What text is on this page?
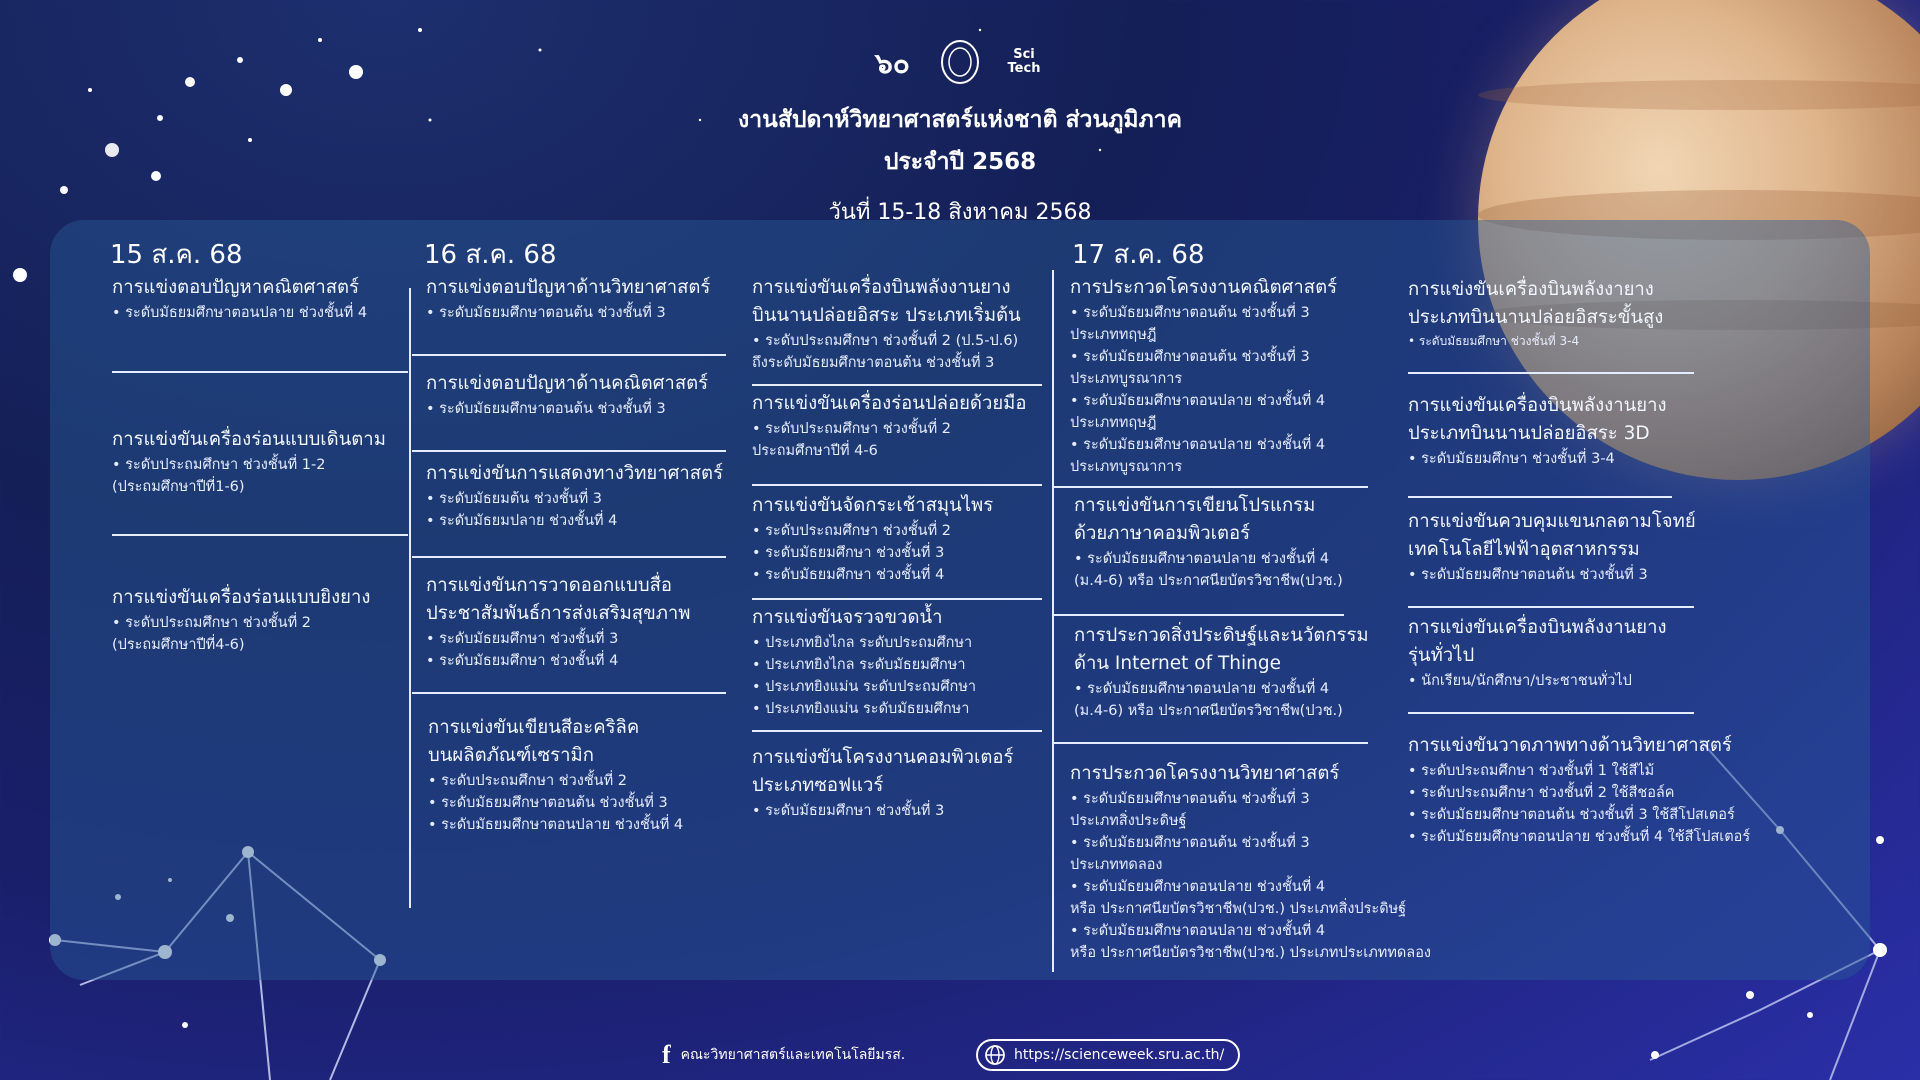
๖๐	Sci
Tech
งานสัปดาห์วิทยาศาสตร์แห่งชาติ ส่วนภูมิภาค
ประจำปี 2568
วันที่ 15-18 สิงหาคม 2568
15 ส.ค. 68
การแข่งตอบปัญหาคณิตศาสตร์
• ระดับมัธยมศึกษาตอนปลาย ช่วงชั้นที่ 4
การแข่งขันเครื่องร่อนแบบเดินตาม
• ระดับประถมศึกษา ช่วงชั้นที่ 1-2
(ประถมศึกษาปีที่1-6)
การแข่งขันเครื่องร่อนแบบยิงยาง
• ระดับประถมศึกษา ช่วงชั้นที่ 2
(ประถมศึกษาปีที่4-6)
16 ส.ค. 68
การแข่งตอบปัญหาด้านวิทยาศาสตร์
• ระดับมัธยมศึกษาตอนต้น ช่วงชั้นที่ 3
การแข่งตอบปัญหาด้านคณิตศาสตร์
• ระดับมัธยมศึกษาตอนต้น ช่วงชั้นที่ 3
การแข่งขันการแสดงทางวิทยาศาสตร์
• ระดับมัธยมต้น ช่วงชั้นที่ 3
• ระดับมัธยมปลาย ช่วงชั้นที่ 4
การแข่งขันการวาดออกแบบสื่อ
ประชาสัมพันธ์การส่งเสริมสุขภาพ
• ระดับมัธยมศึกษา ช่วงชั้นที่ 3
• ระดับมัธยมศึกษา ช่วงชั้นที่ 4
การแข่งขันเขียนสีอะคริลิค
บนผลิตภัณฑ์เซรามิก
• ระดับประถมศึกษา ช่วงชั้นที่ 2
• ระดับมัธยมศึกษาตอนต้น ช่วงชั้นที่ 3
• ระดับมัธยมศึกษาตอนปลาย ช่วงชั้นที่ 4
การแข่งขันเครื่องบินพลังงานยาง
บินนานปล่อยอิสระ ประเภทเริ่มต้น
• ระดับประถมศึกษา ช่วงชั้นที่ 2 (ป.5-ป.6)
ถึงระดับมัธยมศึกษาตอนต้น ช่วงชั้นที่ 3
การแข่งขันเครื่องร่อนปล่อยด้วยมือ
• ระดับประถมศึกษา ช่วงชั้นที่ 2
ประถมศึกษาปีที่ 4-6
การแข่งขันจัดกระเช้าสมุนไพร
• ระดับประถมศึกษา ช่วงชั้นที่ 2
• ระดับมัธยมศึกษา ช่วงชั้นที่ 3
• ระดับมัธยมศึกษา ช่วงชั้นที่ 4
การแข่งขันจรวจขวดน้ำ
• ประเภทยิงไกล ระดับประถมศึกษา
• ประเภทยิงไกล ระดับมัธยมศึกษา
• ประเภทยิงแม่น ระดับประถมศึกษา
• ประเภทยิงแม่น ระดับมัธยมศึกษา
การแข่งขันโครงงานคอมพิวเตอร์
ประเภทซอฟแวร์
• ระดับมัธยมศึกษา ช่วงชั้นที่ 3
17 ส.ค. 68
การประกวดโครงงานคณิตศาสตร์
• ระดับมัธยมศึกษาตอนต้น ช่วงชั้นที่ 3
ประเภททฤษฎี
• ระดับมัธยมศึกษาตอนต้น ช่วงชั้นที่ 3
ประเภทบูรณาการ
• ระดับมัธยมศึกษาตอนปลาย ช่วงชั้นที่ 4
ประเภททฤษฎี
• ระดับมัธยมศึกษาตอนปลาย ช่วงชั้นที่ 4
ประเภทบูรณาการ
การแข่งขันการเขียนโปรแกรม
ด้วยภาษาคอมพิวเตอร์
• ระดับมัธยมศึกษาตอนปลาย ช่วงชั้นที่ 4
(ม.4-6) หรือ ประกาศนียบัตรวิชาชีพ(ปวช.)
การประกวดสิ่งประดิษฐ์และนวัตกรรม
ด้าน Internet of Thinge
• ระดับมัธยมศึกษาตอนปลาย ช่วงชั้นที่ 4
(ม.4-6) หรือ ประกาศนียบัตรวิชาชีพ(ปวช.)
การประกวดโครงงานวิทยาศาสตร์
• ระดับมัธยมศึกษาตอนต้น ช่วงชั้นที่ 3
ประเภทสิ่งประดิษฐ์
• ระดับมัธยมศึกษาตอนต้น ช่วงชั้นที่ 3
ประเภททดลอง
• ระดับมัธยมศึกษาตอนปลาย ช่วงชั้นที่ 4
หรือ ประกาศนียบัตรวิชาชีพ(ปวช.) ประเภทสิ่งประดิษฐ์
• ระดับมัธยมศึกษาตอนปลาย ช่วงชั้นที่ 4
หรือ ประกาศนียบัตรวิชาชีพ(ปวช.) ประเภทประเภททดลอง
การแข่งขันเครื่องบินพลังงายาง
ประเภทบินนานปล่อยอิสระขั้นสูง
• ระดับมัธยมศึกษา ช่วงชั้นที่ 3-4
การแข่งขันเครื่องบินพลังงานยาง
ประเภทบินนานปล่อยอิสระ 3D
• ระดับมัธยมศึกษา ช่วงชั้นที่ 3-4
การแข่งขันควบคุมแขนกลตามโจทย์
เทคโนโลยีไฟฟ้าอุตสาหกรรม
• ระดับมัธยมศึกษาตอนต้น ช่วงชั้นที่ 3
การแข่งขันเครื่องบินพลังงานยาง
รุ่นทั่วไป
• นักเรียน/นักศึกษา/ประชาชนทั่วไป
การแข่งขันวาดภาพทางด้านวิทยาศาสตร์
• ระดับประถมศึกษา ช่วงชั้นที่ 1 ใช้สีไม้
• ระดับประถมศึกษา ช่วงชั้นที่ 2 ใช้สีชอล์ค
• ระดับมัธยมศึกษาตอนต้น ช่วงชั้นที่ 3 ใช้สีโปสเตอร์
• ระดับมัธยมศึกษาตอนปลาย ช่วงชั้นที่ 4 ใช้สีโปสเตอร์
f คณะวิทยาศาสตร์และเทคโนโลยีมรส.	https://scienceweek.sru.ac.th/
